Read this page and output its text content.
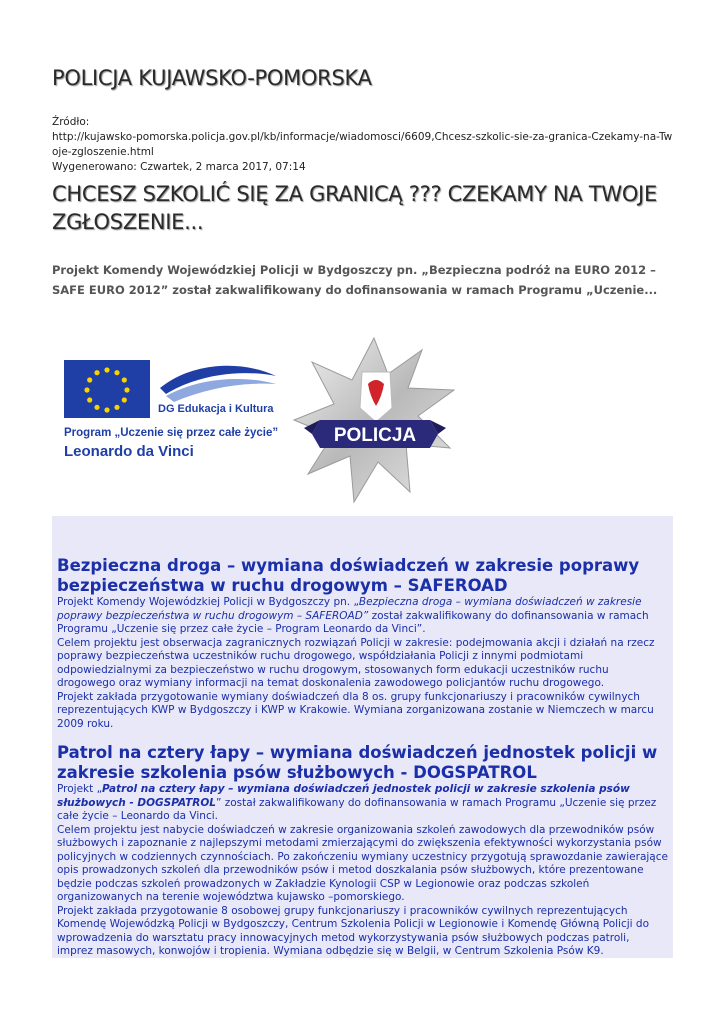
POLICJA KUJAWSKO-POMORSKA
Źródło:
http://kujawsko-pomorska.policja.gov.pl/kb/informacje/wiadomosci/6609,Chcesz-szkolic-sie-za-granica-Czekamy-na-Twoje-zgloszenie.html
Wygenerowano: Czwartek, 2 marca 2017, 07:14
CHCESZ SZKOLIĆ SIĘ ZA GRANICĄ ??? CZEKAMY NA TWOJE ZGŁOSZENIE...
Projekt Komendy Wojewódzkiej Policji w Bydgoszczy pn. „Bezpieczna podróż na EURO 2012 – SAFE EURO 2012” został zakwalifikowany do dofinansowania w ramach Programu „Uczenie...
DG Edukacja i Kultura
Program „Uczenie się przez całe życie”
Leonardo da Vinci
POLICJA
Bezpieczna droga – wymiana doświadczeń w zakresie poprawy bezpieczeństwa w ruchu drogowym – SAFEROAD

Projekt Komendy Wojewódzkiej Policji w Bydgoszczy pn. „Bezpieczna droga – wymiana doświadczeń w zakresie poprawy bezpieczeństwa w ruchu drogowym – SAFEROAD” został zakwalifikowany do dofinansowania w ramach Programu „Uczenie się przez całe życie – Program Leonardo da Vinci”.

Celem projektu jest obserwacja zagranicznych rozwiązań Policji w zakresie: podejmowania akcji i działań na rzecz poprawy bezpieczeństwa uczestników ruchu drogowego, współdziałania Policji z innymi podmiotami odpowiedzialnymi za bezpieczeństwo w ruchu drogowym, stosowanych form edukacji uczestników ruchu drogowego oraz wymiany informacji na temat doskonalenia zawodowego policjantów ruchu drogowego.

Projekt zakłada przygotowanie wymiany doświadczeń dla 8 os. grupy funkcjonariuszy i pracowników cywilnych reprezentujących KWP w Bydgoszczy i KWP w Krakowie. Wymiana zorganizowana zostanie w Niemczech w marcu 2009 roku.

Patrol na cztery łapy – wymiana doświadczeń jednostek policji w zakresie szkolenia psów służbowych - DOGSPATROL

Projekt „Patrol na cztery łapy – wymiana doświadczeń jednostek policji w zakresie szkolenia psów służbowych - DOGSPATROL” został zakwalifikowany do dofinansowania w ramach Programu „Uczenie się przez całe życie – Leonardo da Vinci.

Celem projektu jest nabycie doświadczeń w zakresie organizowania szkoleń zawodowych dla przewodników psów służbowych i zapoznanie z najlepszymi metodami zmierzającymi do zwiększenia efektywności wykorzystania psów policyjnych w codziennych czynnościach. Po zakończeniu wymiany uczestnicy przygotują sprawozdanie zawierające opis prowadzonych szkoleń dla przewodników psów i metod doszkalania psów służbowych, które prezentowane będzie podczas szkoleń prowadzonych w Zakładzie Kynologii CSP w Legionowie oraz podczas szkoleń organizowanych na terenie województwa kujawsko –pomorskiego.

Projekt zakłada przygotowanie 8 osobowej grupy funkcjonariuszy i pracowników cywilnych reprezentujących Komendę Wojewódzką Policji w Bydgoszczy, Centrum Szkolenia Policji w Legionowie i Komendę Główną Policji do wprowadzenia do warsztatu pracy innowacyjnych metod wykorzystywania psów służbowych podczas patroli, imprez masowych, konwojów i tropienia. Wymiana odbędzie się w Belgii, w Centrum Szkolenia Psów K9.
